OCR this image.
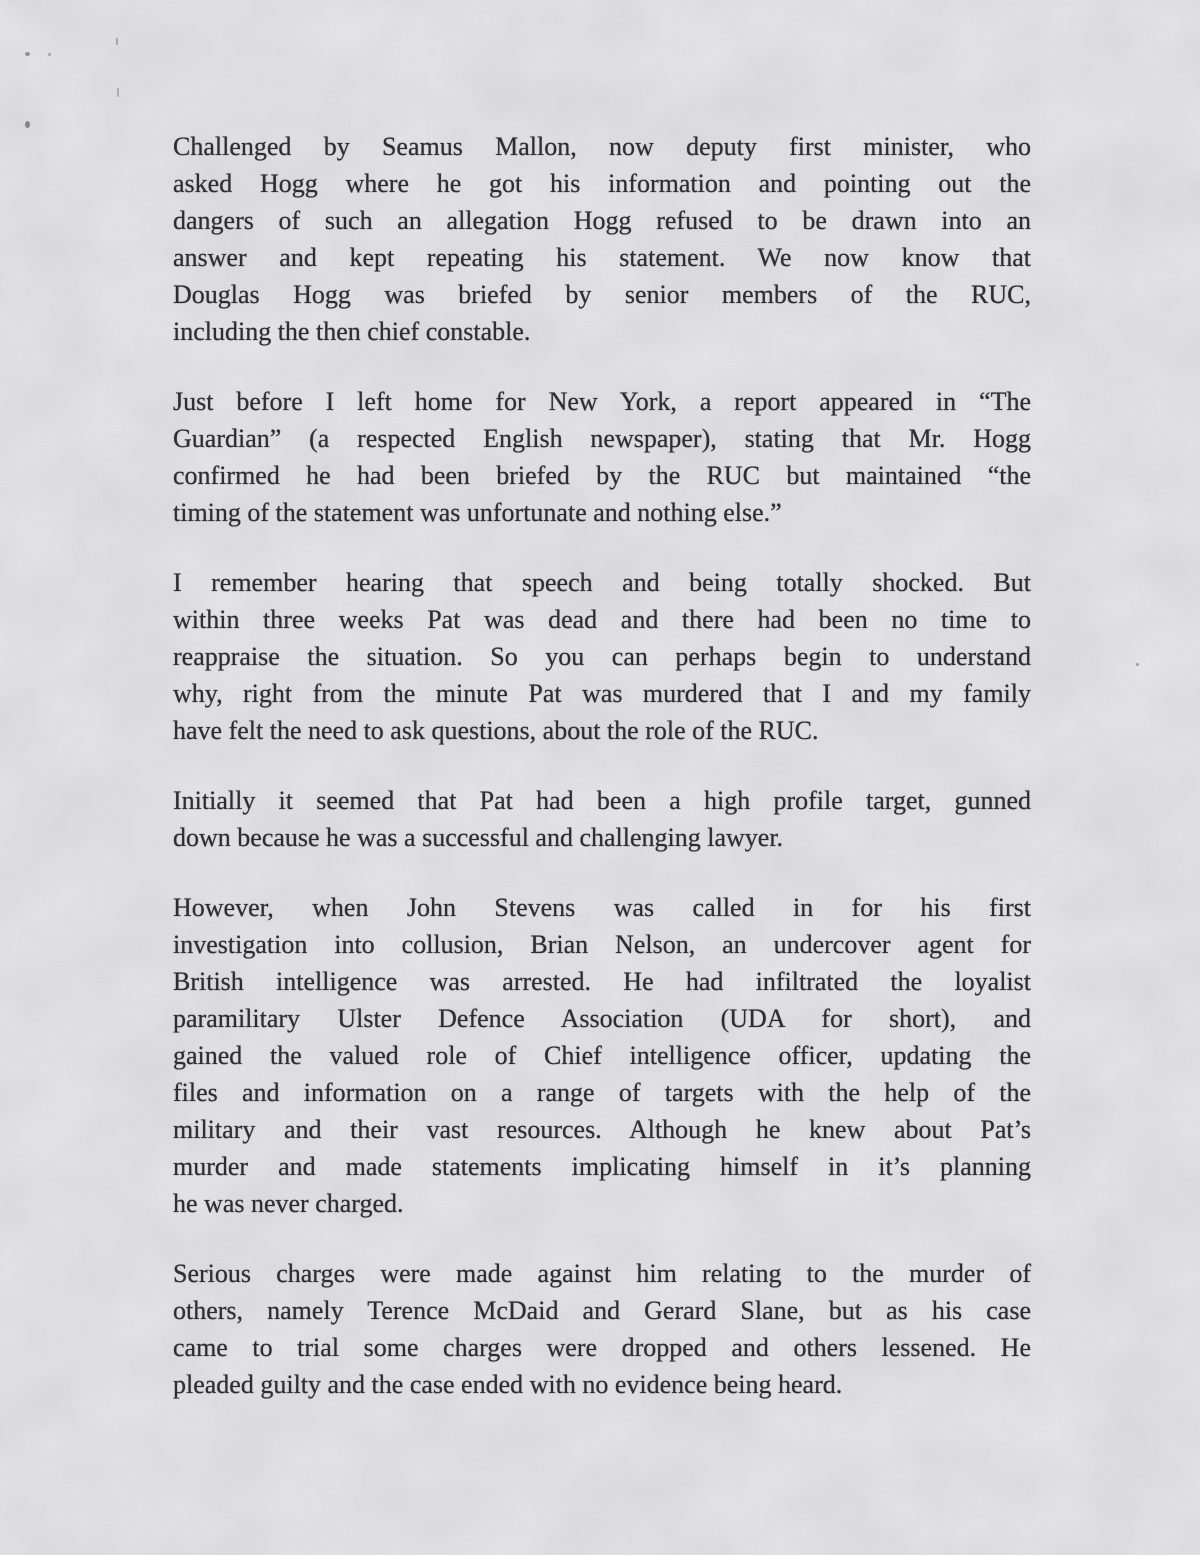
Challenged by Seamus Mallon, now deputy first minister, who
asked Hogg where he got his information and pointing out the
dangers of such an allegation Hogg refused to be drawn into an
answer and kept repeating his statement. We now know that
Douglas Hogg was briefed by senior members of the RUC,
including the then chief constable.
Just before I left home for New York, a report appeared in “The
Guardian” (a respected English newspaper), stating that Mr. Hogg
confirmed he had been briefed by the RUC but maintained “the
timing of the statement was unfortunate and nothing else.”
I remember hearing that speech and being totally shocked. But
within three weeks Pat was dead and there had been no time to
reappraise the situation. So you can perhaps begin to understand
why, right from the minute Pat was murdered that I and my family
have felt the need to ask questions, about the role of the RUC.
Initially it seemed that Pat had been a high profile target, gunned
down because he was a successful and challenging lawyer.
However, when John Stevens was called in for his first
investigation into collusion, Brian Nelson, an undercover agent for
British intelligence was arrested. He had infiltrated the loyalist
paramilitary Ulster Defence Association (UDA for short), and
gained the valued role of Chief intelligence officer, updating the
files and information on a range of targets with the help of the
military and their vast resources. Although he knew about Pat’s
murder and made statements implicating himself in it’s planning
he was never charged.
Serious charges were made against him relating to the murder of
others, namely Terence McDaid and Gerard Slane, but as his case
came to trial some charges were dropped and others lessened. He
pleaded guilty and the case ended with no evidence being heard.
